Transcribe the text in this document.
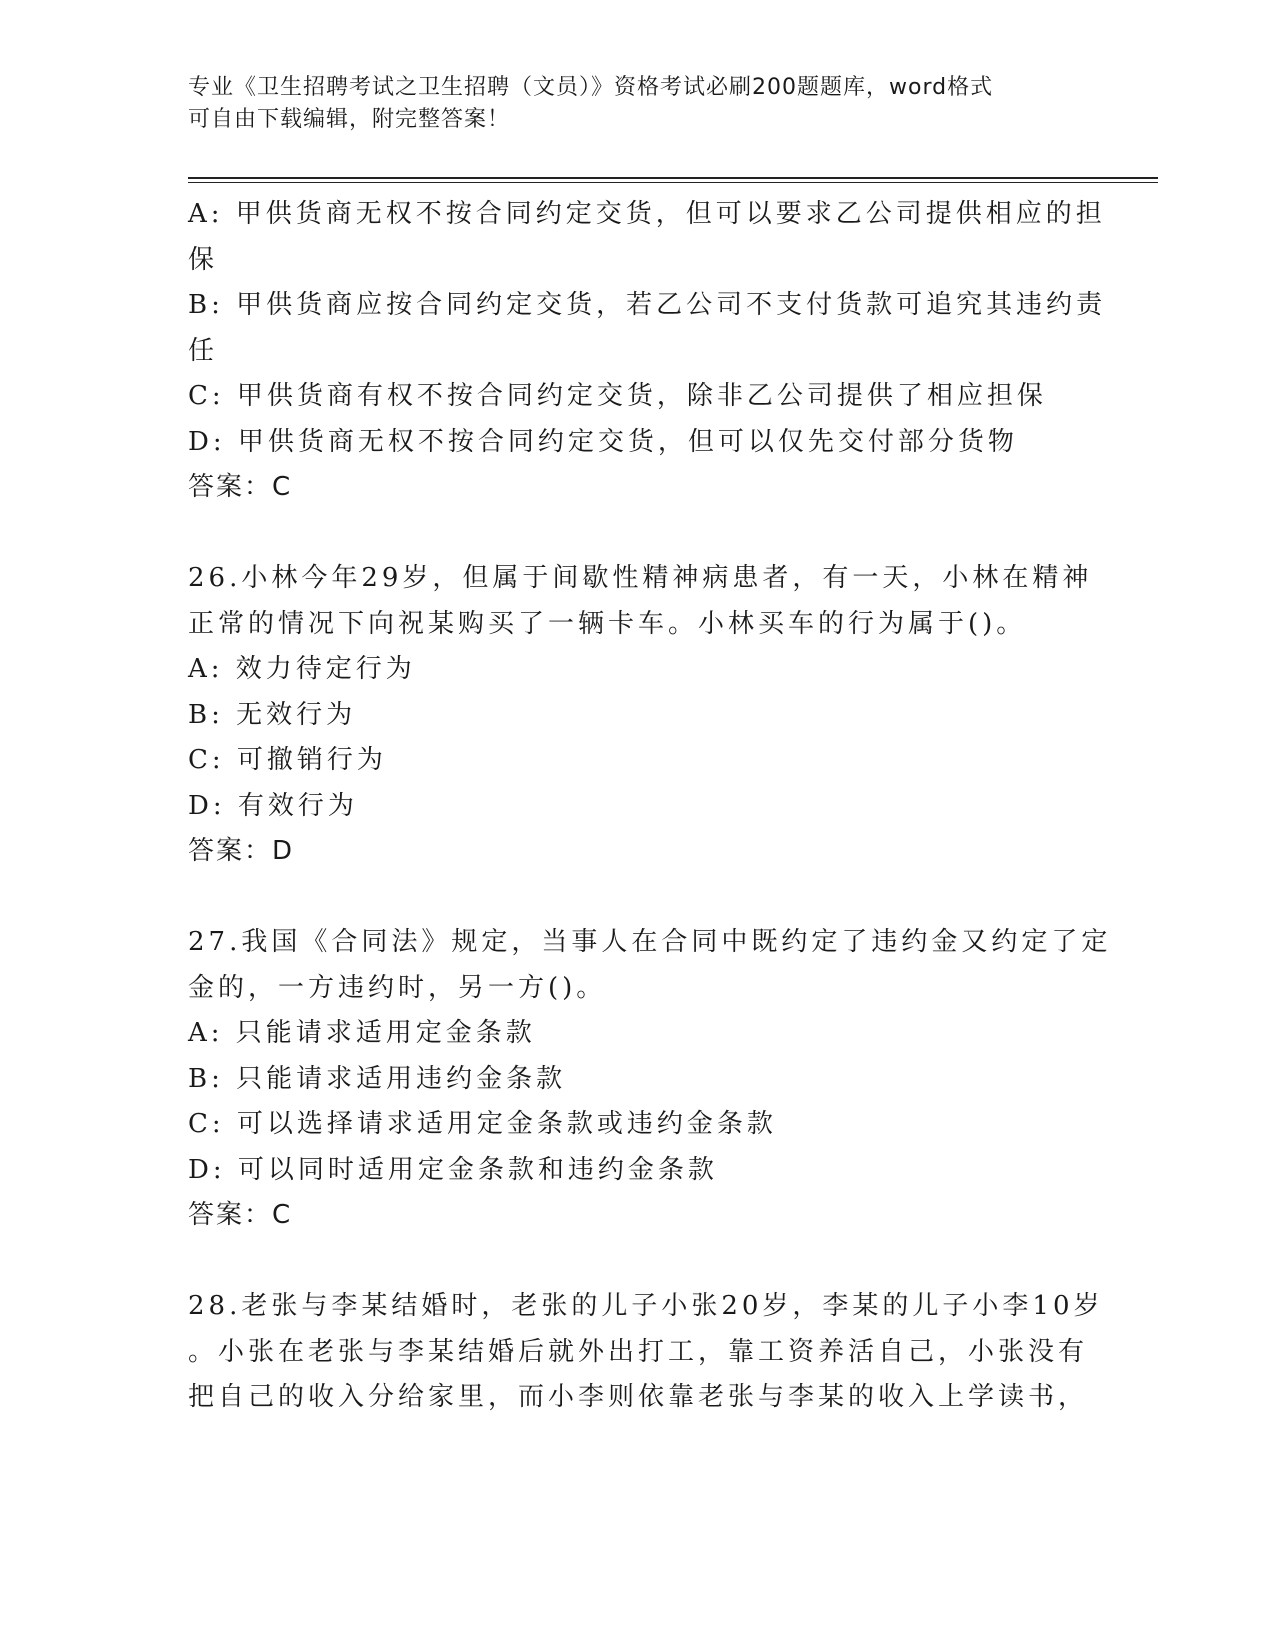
专业《卫生招聘考试之卫生招聘（文员）》资格考试必刷200题题库，word格式
可自由下载编辑，附完整答案！

A: 甲供货商无权不按合同约定交货，但可以要求乙公司提供相应的担

保

B: 甲供货商应按合同约定交货，若乙公司不支付货款可追究其违约责

任

C: 甲供货商有权不按合同约定交货，除非乙公司提供了相应担保

D: 甲供货商无权不按合同约定交货，但可以仅先交付部分货物

答案：C

26.小林今年29岁，但属于间歇性精神病患者，有一天，小林在精神

正常的情况下向祝某购买了一辆卡车。小林买车的行为属于()。

A: 效力待定行为

B: 无效行为

C: 可撤销行为

D: 有效行为

答案：D

27.我国《合同法》规定，当事人在合同中既约定了违约金又约定了定

金的，一方违约时，另一方()。

A: 只能请求适用定金条款

B: 只能请求适用违约金条款

C: 可以选择请求适用定金条款或违约金条款

D: 可以同时适用定金条款和违约金条款

答案：C

28.老张与李某结婚时，老张的儿子小张20岁，李某的儿子小李10岁

。小张在老张与李某结婚后就外出打工，靠工资养活自己，小张没有

把自己的收入分给家里，而小李则依靠老张与李某的收入上学读书，
